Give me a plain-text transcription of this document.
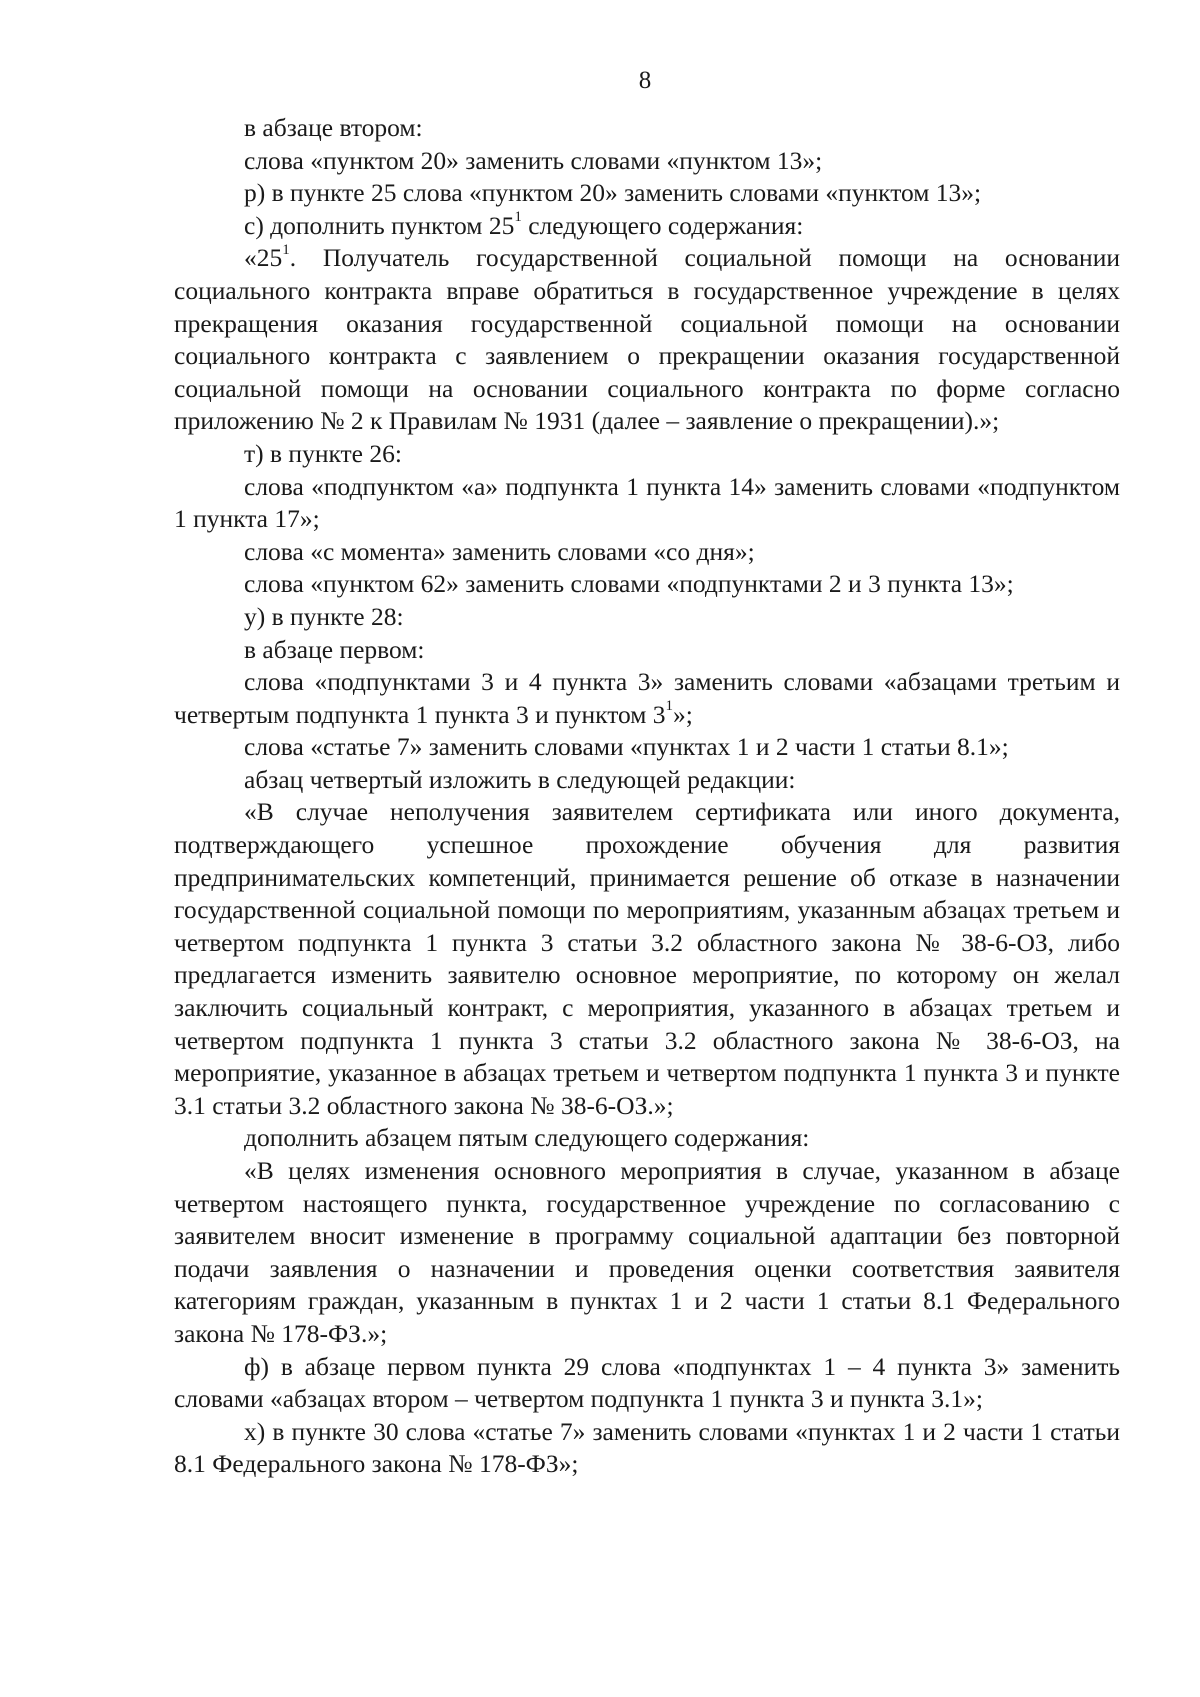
8

в абзаце втором:

слова «пунктом 20» заменить словами «пунктом 13»;

р) в пункте 25 слова «пунктом 20» заменить словами «пунктом 13»;

с) дополнить пунктом $25^1$ следующего содержания:

«$25^1$. Получатель государственной социальной помощи на основании социального контракта вправе обратиться в государственное учреждение в целях прекращения оказания государственной социальной помощи на основании социального контракта с заявлением о прекращении оказания государственной социальной помощи на основании социального контракта по форме согласно приложению № 2 к Правилам № 1931 (далее – заявление о прекращении).»;

т) в пункте 26:

слова «подпунктом «а» подпункта 1 пункта 14» заменить словами «подпунктом 1 пункта 17»;

слова «с момента» заменить словами «со дня»;

слова «пунктом 62» заменить словами «подпунктами 2 и 3 пункта 13»;

у) в пункте 28:

в абзаце первом:

слова «подпунктами 3 и 4 пункта 3» заменить словами «абзацами третьим и четвертым подпункта 1 пункта 3 и пунктом $3^1$»;

слова «статье 7» заменить словами «пунктах 1 и 2 части 1 статьи 8.1»;

абзац четвертый изложить в следующей редакции:

«В случае неполучения заявителем сертификата или иного документа, подтверждающего успешное прохождение обучения для развития предпринимательских компетенций, принимается решение об отказе в назначении государственной социальной помощи по мероприятиям, указанным абзацах третьем и четвертом подпункта 1 пункта 3 статьи 3.2 областного закона № 38-6-ОЗ, либо предлагается изменить заявителю основное мероприятие, по которому он желал заключить социальный контракт, с мероприятия, указанного в абзацах третьем и четвертом подпункта 1 пункта 3 статьи 3.2 областного закона № 38-6-ОЗ, на мероприятие, указанное в абзацах третьем и четвертом подпункта 1 пункта 3 и пункте 3.1 статьи 3.2 областного закона № 38-6-ОЗ.»;

дополнить абзацем пятым следующего содержания:

«В целях изменения основного мероприятия в случае, указанном в абзаце четвертом настоящего пункта, государственное учреждение по согласованию с заявителем вносит изменение в программу социальной адаптации без повторной подачи заявления о назначении и проведения оценки соответствия заявителя категориям граждан, указанным в пунктах 1 и 2 части 1 статьи 8.1 Федерального закона № 178-ФЗ.»;

ф) в абзаце первом пункта 29 слова «подпунктах 1 – 4 пункта 3» заменить словами «абзацах втором – четвертом подпункта 1 пункта 3 и пункта 3.1»;

х) в пункте 30 слова «статье 7» заменить словами «пунктах 1 и 2 части 1 статьи 8.1 Федерального закона № 178-ФЗ»;
